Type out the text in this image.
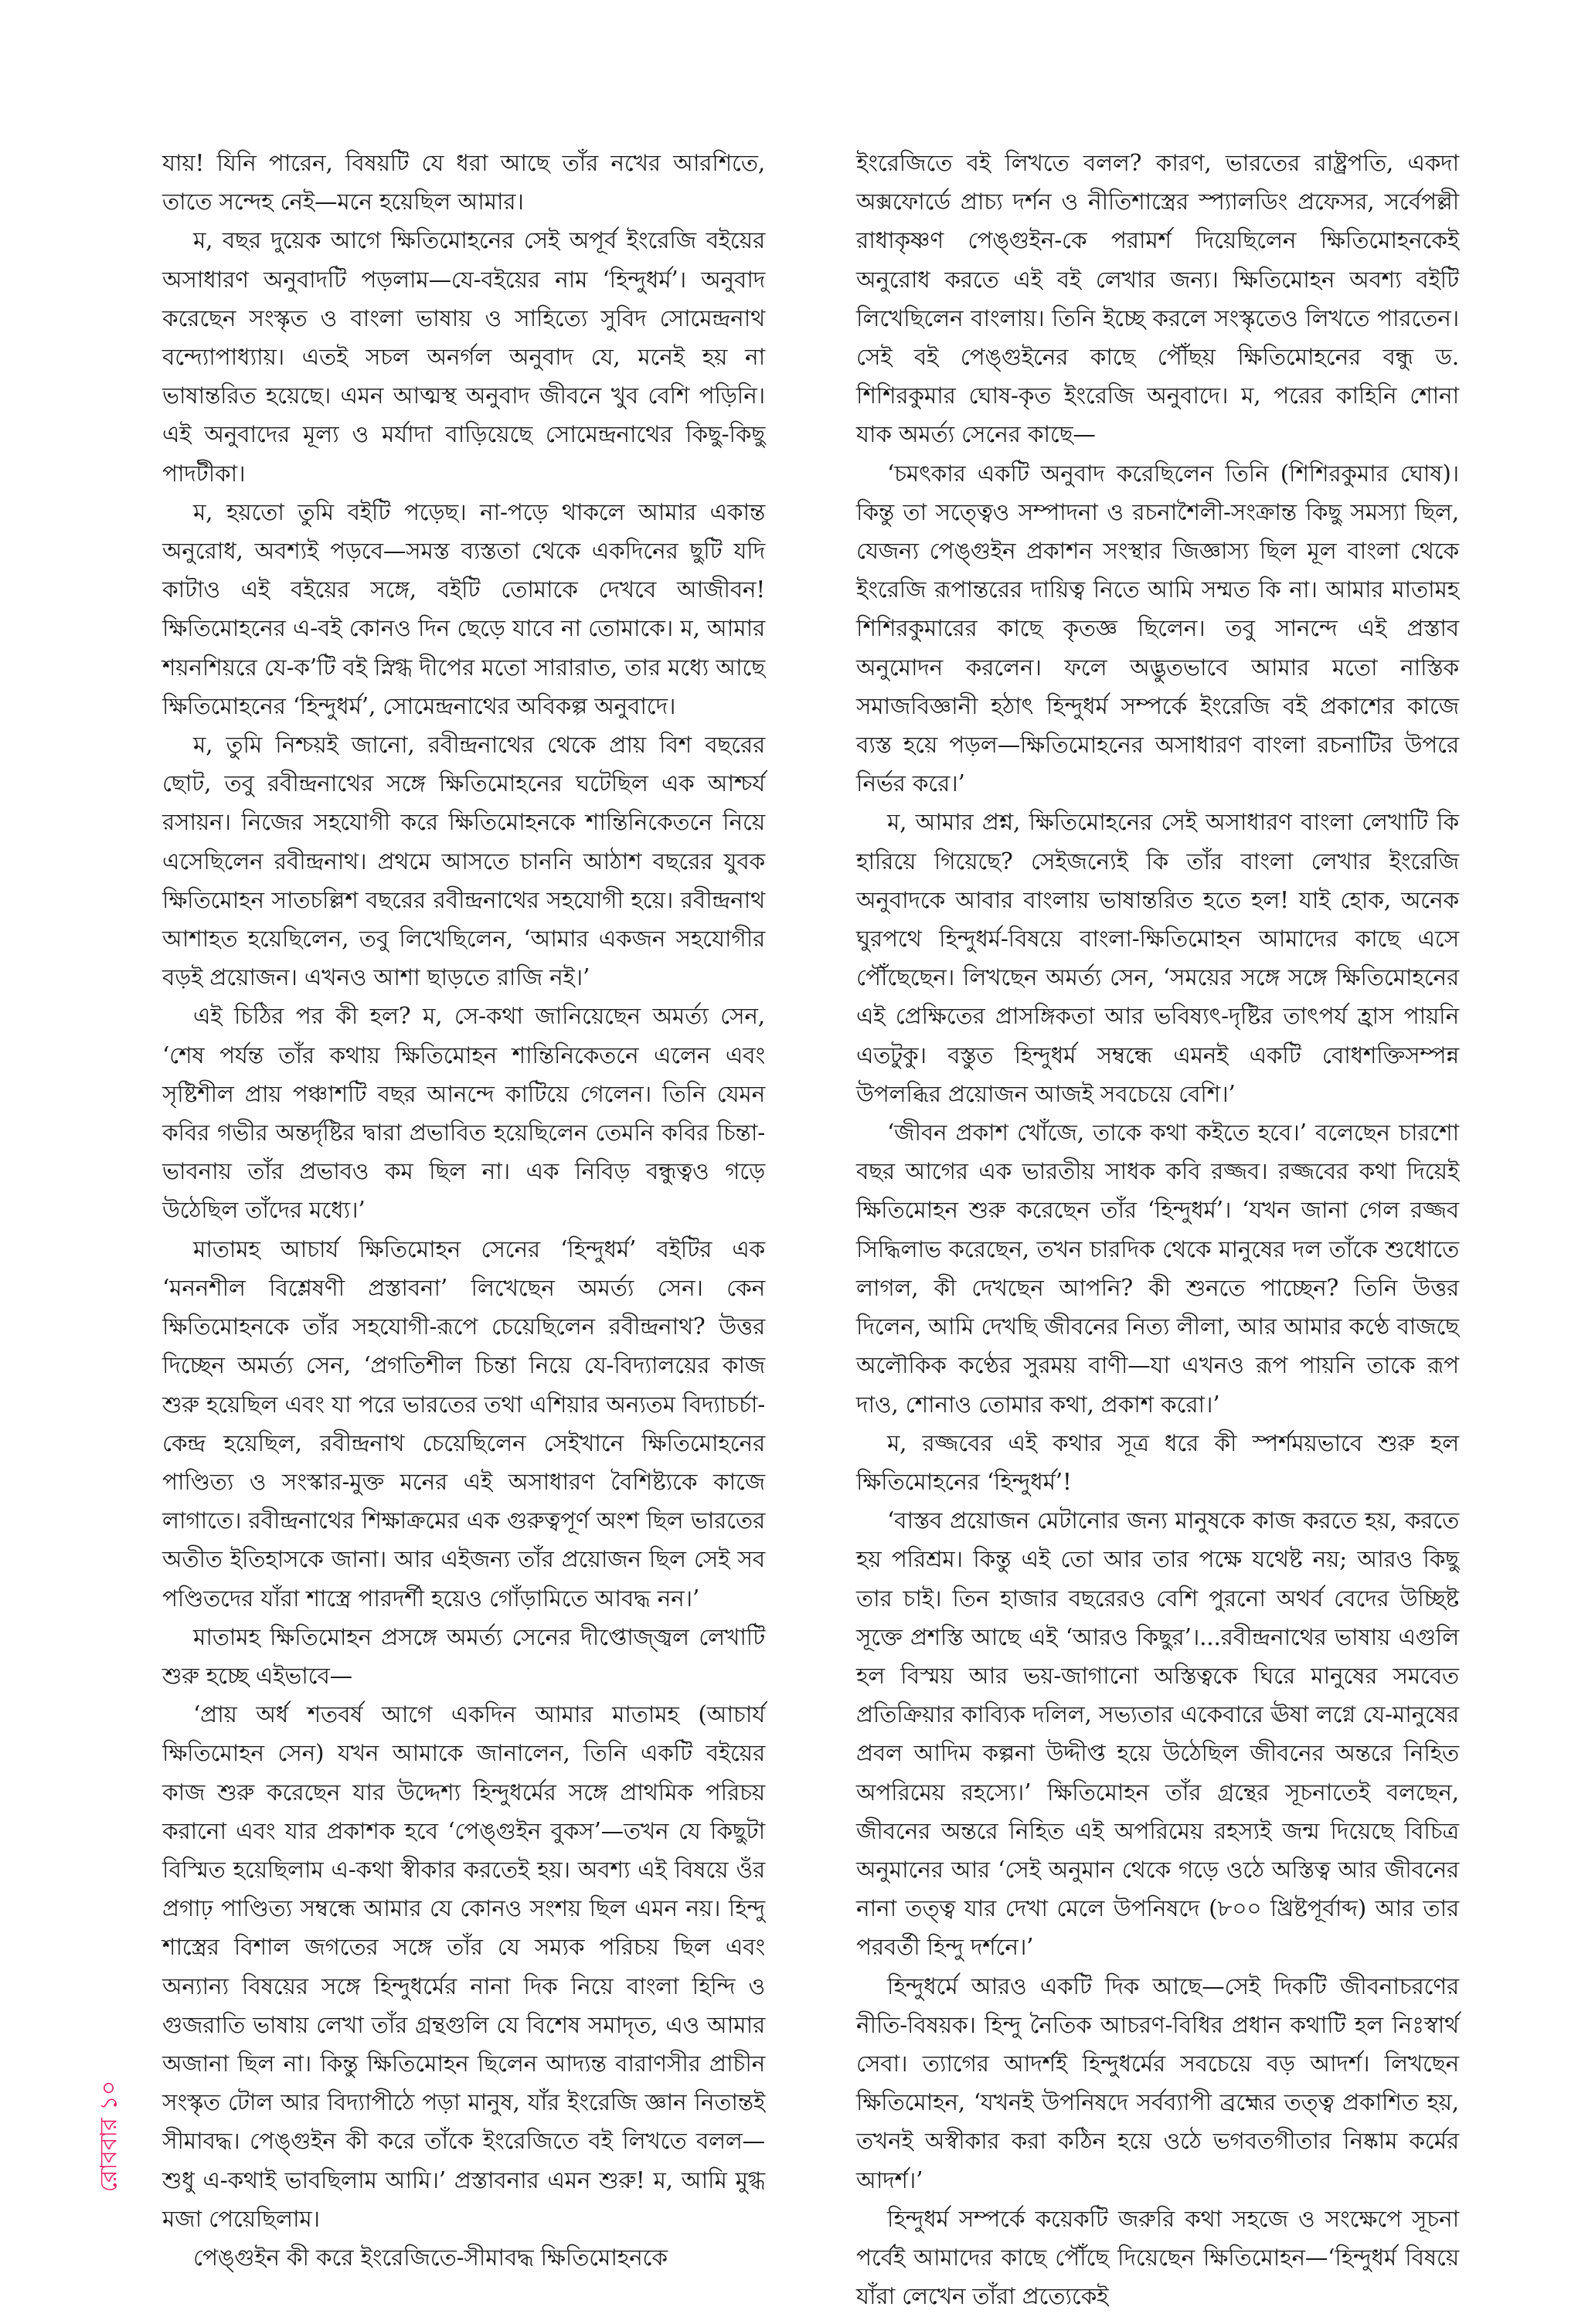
যায়! যিনি পারেন, বিষয়টি যে ধরা আছে তাঁর নখের আরশিতে, তাতে সন্দেহ নেই—মনে হয়েছিল আমার।

ম, বছর দুয়েক আগে ক্ষিতিমোহনের সেই অপূর্ব ইংরেজি বইয়ের অসাধারণ অনুবাদটি পড়লাম—যে-বইয়ের নাম ‘হিন্দুধর্ম’। অনুবাদ করেছেন সংস্কৃত ও বাংলা ভাষায় ও সাহিত্যে সুবিদ সোমেন্দ্রনাথ বন্দ্যোপাধ্যায়। এতই সচল অনর্গল অনুবাদ যে, মনেই হয় না ভাষান্তরিত হয়েছে। এমন আত্মস্থ অনুবাদ জীবনে খুব বেশি পড়িনি। এই অনুবাদের মূল্য ও মর্যাদা বাড়িয়েছে সোমেন্দ্রনাথের কিছু-কিছু পাদটীকা।

ম, হয়তো তুমি বইটি পড়েছ। না-পড়ে থাকলে আমার একান্ত অনুরোধ, অবশ্যই পড়বে—সমস্ত ব্যস্ততা থেকে একদিনের ছুটি যদি কাটাও এই বইয়ের সঙ্গে, বইটি তোমাকে দেখবে আজীবন! ক্ষিতিমোহনের এ-বই কোনও দিন ছেড়ে যাবে না তোমাকে। ম, আমার শয়নশিয়রে যে-ক’টি বই স্নিগ্ধ দীপের মতো সারারাত, তার মধ্যে আছে ক্ষিতিমোহনের ‘হিন্দুধর্ম’, সোমেন্দ্রনাথের অবিকল্প অনুবাদে।

ম, তুমি নিশ্চয়ই জানো, রবীন্দ্রনাথের থেকে প্রায় বিশ বছরের ছোট, তবু রবীন্দ্রনাথের সঙ্গে ক্ষিতিমোহনের ঘটেছিল এক আশ্চর্য রসায়ন। নিজের সহযোগী করে ক্ষিতিমোহনকে শান্তিনিকেতনে নিয়ে এসেছিলেন রবীন্দ্রনাথ। প্রথমে আসতে চাননি আঠাশ বছরের যুবক ক্ষিতিমোহন সাতচল্লিশ বছরের রবীন্দ্রনাথের সহযোগী হয়ে। রবীন্দ্রনাথ আশাহত হয়েছিলেন, তবু লিখেছিলেন, ‘আমার একজন সহযোগীর বড়ই প্রয়োজন। এখনও আশা ছাড়তে রাজি নই।’

এই চিঠির পর কী হল? ম, সে-কথা জানিয়েছেন অমর্ত্য সেন, ‘শেষ পর্যন্ত তাঁর কথায় ক্ষিতিমোহন শান্তিনিকেতনে এলেন এবং সৃষ্টিশীল প্রায় পঞ্চাশটি বছর আনন্দে কাটিয়ে গেলেন। তিনি যেমন কবির গভীর অন্তর্দৃষ্টির দ্বারা প্রভাবিত হয়েছিলেন তেমনি কবির চিন্তা-ভাবনায় তাঁর প্রভাবও কম ছিল না। এক নিবিড় বন্ধুত্বও গড়ে উঠেছিল তাঁদের মধ্যে।’

মাতামহ আচার্য ক্ষিতিমোহন সেনের ‘হিন্দুধর্ম’ বইটির এক ‘মননশীল বিশ্লেষণী প্রস্তাবনা’ লিখেছেন অমর্ত্য সেন। কেন ক্ষিতিমোহনকে তাঁর সহযোগী-রূপে চেয়েছিলেন রবীন্দ্রনাথ? উত্তর দিচ্ছেন অমর্ত্য সেন, ‘প্রগতিশীল চিন্তা নিয়ে যে-বিদ্যালয়ের কাজ শুরু হয়েছিল এবং যা পরে ভারতের তথা এশিয়ার অন্যতম বিদ্যাচর্চা-কেন্দ্র হয়েছিল, রবীন্দ্রনাথ চেয়েছিলেন সেইখানে ক্ষিতিমোহনের পাণ্ডিত্য ও সংস্কার-মুক্ত মনের এই অসাধারণ বৈশিষ্ট্যকে কাজে লাগাতে। রবীন্দ্রনাথের শিক্ষাক্রমের এক গুরুত্বপূর্ণ অংশ ছিল ভারতের অতীত ইতিহাসকে জানা। আর এইজন্য তাঁর প্রয়োজন ছিল সেই সব পণ্ডিতদের যাঁরা শাস্ত্রে পারদর্শী হয়েও গোঁড়ামিতে আবদ্ধ নন।’

মাতামহ ক্ষিতিমোহন প্রসঙ্গে অমর্ত্য সেনের দীপ্তোজ্জ্বল লেখাটি শুরু হচ্ছে এইভাবে—

‘প্রায় অর্ধ শতবর্ষ আগে একদিন আমার মাতামহ (আচার্য ক্ষিতিমোহন সেন) যখন আমাকে জানালেন, তিনি একটি বইয়ের কাজ শুরু করেছেন যার উদ্দেশ্য হিন্দুধর্মের সঙ্গে প্রাথমিক পরিচয় করানো এবং যার প্রকাশক হবে ‘পেঙ্গুইন বুকস’—তখন যে কিছুটা বিস্মিত হয়েছিলাম এ-কথা স্বীকার করতেই হয়। অবশ্য এই বিষয়ে ওঁর প্রগাঢ় পাণ্ডিত্য সম্বন্ধে আমার যে কোনও সংশয় ছিল এমন নয়। হিন্দু শাস্ত্রের বিশাল জগতের সঙ্গে তাঁর যে সম্যক পরিচয় ছিল এবং অন্যান্য বিষয়ের সঙ্গে হিন্দুধর্মের নানা দিক নিয়ে বাংলা হিন্দি ও গুজরাতি ভাষায় লেখা তাঁর গ্রন্থগুলি যে বিশেষ সমাদৃত, এও আমার অজানা ছিল না। কিন্তু ক্ষিতিমোহন ছিলেন আদ্যন্ত বারাণসীর প্রাচীন সংস্কৃত টোল আর বিদ্যাপীঠে পড়া মানুষ, যাঁর ইংরেজি জ্ঞান নিতান্তই সীমাবদ্ধ। পেঙ্গুইন কী করে তাঁকে ইংরেজিতে বই লিখতে বলল—শুধু এ-কথাই ভাবছিলাম আমি।’ প্রস্তাবনার এমন শুরু! ম, আমি মুগ্ধ মজা পেয়েছিলাম।

পেঙ্গুইন কী করে ইংরেজিতে-সীমাবদ্ধ ক্ষিতিমোহনকে

ইংরেজিতে বই লিখতে বলল? কারণ, ভারতের রাষ্ট্রপতি, একদা অক্সফোর্ডে প্রাচ্য দর্শন ও নীতিশাস্ত্রের স্প্যালডিং প্রফেসর, সর্বেপল্লী রাধাকৃষ্ণণ পেঙ্গুইন-কে পরামর্শ দিয়েছিলেন ক্ষিতিমোহনকেই অনুরোধ করতে এই বই লেখার জন্য। ক্ষিতিমোহন অবশ্য বইটি লিখেছিলেন বাংলায়। তিনি ইচ্ছে করলে সংস্কৃতেও লিখতে পারতেন। সেই বই পেঙ্গুইনের কাছে পৌঁছয় ক্ষিতিমোহনের বন্ধু ড. শিশিরকুমার ঘোষ-কৃত ইংরেজি অনুবাদে। ম, পরের কাহিনি শোনা যাক অমর্ত্য সেনের কাছে—

‘চমৎকার একটি অনুবাদ করেছিলেন তিনি (শিশিরকুমার ঘোষ)। কিন্তু তা সত্ত্বেও সম্পাদনা ও রচনাশৈলী-সংক্রান্ত কিছু সমস্যা ছিল, যেজন্য পেঙ্গুইন প্রকাশন সংস্থার জিজ্ঞাস্য ছিল মূল বাংলা থেকে ইংরেজি রূপান্তরের দায়িত্ব নিতে আমি সম্মত কি না। আমার মাতামহ শিশিরকুমারের কাছে কৃতজ্ঞ ছিলেন। তবু সানন্দে এই প্রস্তাব অনুমোদন করলেন। ফলে অদ্ভুতভাবে আমার মতো নাস্তিক সমাজবিজ্ঞানী হঠাৎ হিন্দুধর্ম সম্পর্কে ইংরেজি বই প্রকাশের কাজে ব্যস্ত হয়ে পড়ল—ক্ষিতিমোহনের অসাধারণ বাংলা রচনাটির উপরে নির্ভর করে।’

ম, আমার প্রশ্ন, ক্ষিতিমোহনের সেই অসাধারণ বাংলা লেখাটি কি হারিয়ে গিয়েছে? সেইজন্যেই কি তাঁর বাংলা লেখার ইংরেজি অনুবাদকে আবার বাংলায় ভাষান্তরিত হতে হল! যাই হোক, অনেক ঘুরপথে হিন্দুধর্ম-বিষয়ে বাংলা-ক্ষিতিমোহন আমাদের কাছে এসে পৌঁছেছেন। লিখছেন অমর্ত্য সেন, ‘সময়ের সঙ্গে সঙ্গে ক্ষিতিমোহনের এই প্রেক্ষিতের প্রাসঙ্গিকতা আর ভবিষ্যৎ-দৃষ্টির তাৎপর্য হ্রাস পায়নি এতটুকু। বস্তুত হিন্দুধর্ম সম্বন্ধে এমনই একটি বোধশক্তিসম্পন্ন উপলব্ধির প্রয়োজন আজই সবচেয়ে বেশি।’

‘জীবন প্রকাশ খোঁজে, তাকে কথা কইতে হবে।’ বলেছেন চারশো বছর আগের এক ভারতীয় সাধক কবি রজ্জব। রজ্জবের কথা দিয়েই ক্ষিতিমোহন শুরু করেছেন তাঁর ‘হিন্দুধর্ম’। ‘যখন জানা গেল রজ্জব সিদ্ধিলাভ করেছেন, তখন চারদিক থেকে মানুষের দল তাঁকে শুধোতে লাগল, কী দেখছেন আপনি? কী শুনতে পাচ্ছেন? তিনি উত্তর দিলেন, আমি দেখছি জীবনের নিত্য লীলা, আর আমার কণ্ঠে বাজছে অলৌকিক কণ্ঠের সুরময় বাণী—যা এখনও রূপ পায়নি তাকে রূপ দাও, শোনাও তোমার কথা, প্রকাশ করো।’

ম, রজ্জবের এই কথার সূত্র ধরে কী স্পর্শময়ভাবে শুরু হল ক্ষিতিমোহনের ‘হিন্দুধর্ম’!

‘বাস্তব প্রয়োজন মেটানোর জন্য মানুষকে কাজ করতে হয়, করতে হয় পরিশ্রম। কিন্তু এই তো আর তার পক্ষে যথেষ্ট নয়; আরও কিছু তার চাই। তিন হাজার বছরেরও বেশি পুরনো অথর্ব বেদের উচ্ছিষ্ট সূক্তে প্রশস্তি আছে এই ‘আরও কিছুর’।...রবীন্দ্রনাথের ভাষায় এগুলি হল বিস্ময় আর ভয়-জাগানো অস্তিত্বকে ঘিরে মানুষের সমবেত প্রতিক্রিয়ার কাব্যিক দলিল, সভ্যতার একেবারে ঊষা লগ্নে যে-মানুষের প্রবল আদিম কল্পনা উদ্দীপ্ত হয়ে উঠেছিল জীবনের অন্তরে নিহিত অপরিমেয় রহস্যে।’ ক্ষিতিমোহন তাঁর গ্রন্থের সূচনাতেই বলছেন, জীবনের অন্তরে নিহিত এই অপরিমেয় রহস্যই জন্ম দিয়েছে বিচিত্র অনুমানের আর ‘সেই অনুমান থেকে গড়ে ওঠে অস্তিত্ব আর জীবনের নানা তত্ত্ব যার দেখা মেলে উপনিষদে (৮০০ খ্রিষ্টপূর্বাব্দ) আর তার পরবর্তী হিন্দু দর্শনে।’

হিন্দুধর্মে আরও একটি দিক আছে—সেই দিকটি জীবনাচরণের নীতি-বিষয়ক। হিন্দু নৈতিক আচরণ-বিধির প্রধান কথাটি হল নিঃস্বার্থ সেবা। ত্যাগের আদর্শই হিন্দুধর্মের সবচেয়ে বড় আদর্শ। লিখছেন ক্ষিতিমোহন, ‘যখনই উপনিষদে সর্বব্যাপী ব্রহ্মের তত্ত্ব প্রকাশিত হয়, তখনই অস্বীকার করা কঠিন হয়ে ওঠে ভগবতগীতার নিষ্কাম কর্মের আদর্শ।’

হিন্দুধর্ম সম্পর্কে কয়েকটি জরুরি কথা সহজে ও সংক্ষেপে সূচনা পর্বেই আমাদের কাছে পৌঁছে দিয়েছেন ক্ষিতিমোহন—‘হিন্দুধর্ম বিষয়ে যাঁরা লেখেন তাঁরা প্রত্যেকেই

রোববার ১০
